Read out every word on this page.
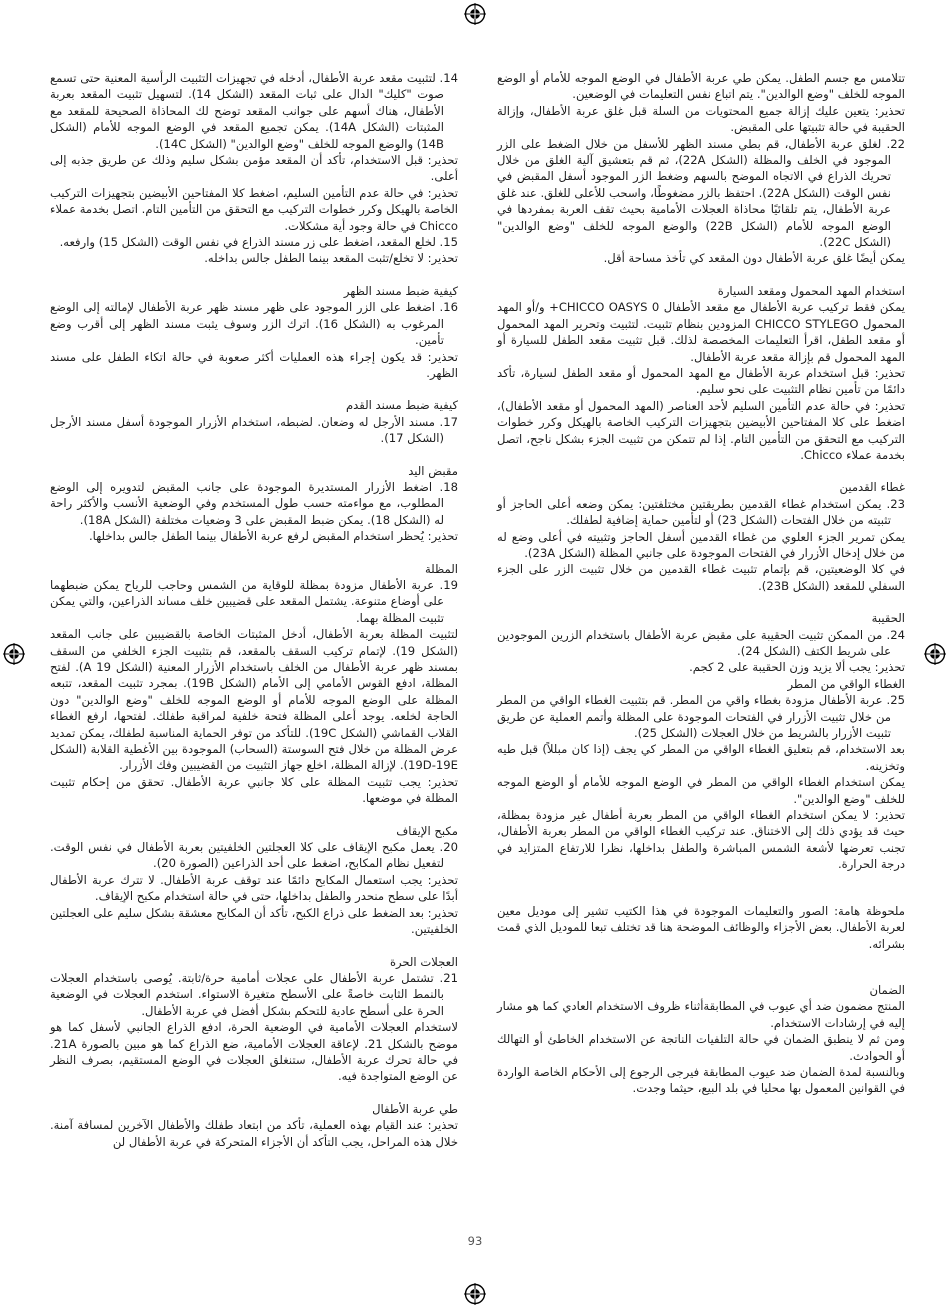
تتلامس مع جسم الطفل. يمكن طي عربة الأطفال في الوضع الموجه للأمام أو الوضع الموجه للخلف "وضع الوالدين". يتم اتباع نفس التعليمات في الوضعين.

تحذير: يتعين عليك إزالة جميع المحتويات من السلة قبل غلق عربة الأطفال، وإزالة الحقيبة في حالة تثبيتها على المقبض.

22. لغلق عربة الأطفال، قم بطي مسند الظهر للأسفل من خلال الضغط على الزر الموجود في الخلف والمظلة (الشكل 22A)، ثم قم بتعشيق آلية الغلق من خلال تحريك الذراع في الاتجاه الموضح بالسهم وضغط الزر الموجود أسفل المقبض في نفس الوقت (الشكل 22A). احتفظ بالزر مضغوطًا، واسحب للأعلى للغلق. عند غلق عربة الأطفال، يتم تلقائيًا محاذاة العجلات الأمامية بحيث تقف العربة بمفردها في الوضع الموجه للأمام (الشكل 22B) والوضع الموجه للخلف "وضع الوالدين" (الشكل 22C).

يمكن أيضًا غلق عربة الأطفال دون المقعد كي تأخذ مساحة أقل.

استخدام المهد المحمول ومقعد السيارة

يمكن فقط تركيب عربة الأطفال مع مقعد الأطفال CHICCO OASYS 0+ و/أو المهد المحمول CHICCO STYLEGO المزودين بنظام تثبيت. لتثبيت وتحرير المهد المحمول أو مقعد الطفل، اقرأ التعليمات المخصصة لذلك. قبل تثبيت مقعد الطفل للسيارة أو المهد المحمول قم بإزالة مقعد عربة الأطفال.

تحذير: قبل استخدام عربة الأطفال مع المهد المحمول أو مقعد الطفل لسيارة، تأكد دائمًا من تأمين نظام التثبيت على نحو سليم.

تحذير: في حالة عدم التأمين السليم لأحد العناصر (المهد المحمول أو مقعد الأطفال)، اضغط على كلا المفتاحين الأبيضين بتجهيزات التركيب الخاصة بالهيكل وكرر خطوات التركيب مع التحقق من التأمين التام. إذا لم تتمكن من تثبيت الجزء بشكل ناجح، اتصل بخدمة عملاء Chicco.

غطاء القدمين

23. يمكن استخدام غطاء القدمين بطريقتين مختلفتين: يمكن وضعه أعلى الحاجز أو تثبيته من خلال الفتحات (الشكل 23) أو لتأمين حماية إضافية لطفلك.

يمكن تمرير الجزء العلوي من غطاء القدمين أسفل الحاجز وتثبيته في أعلى وضع له من خلال إدخال الأزرار في الفتحات الموجودة على جانبي المظلة (الشكل 23A).

في كلا الوضعيتين، قم بإتمام تثبيت غطاء القدمين من خلال تثبيت الزر على الجزء السفلي للمقعد (الشكل 23B).

الحقيبة

24. من الممكن تثبيت الحقيبة على مقبض عربة الأطفال باستخدام الزرين الموجودين على شريط الكتف (الشكل 24).

تحذير: يجب ألا يزيد وزن الحقيبة على 2 كجم.

الغطاء الواقي من المطر

25. عربة الأطفال مزودة بغطاء واقي من المطر. قم بتثبيت الغطاء الواقي من المطر من خلال تثبيت الأزرار في الفتحات الموجودة على المظلة وأتمم العملية عن طريق تثبيت الأزرار بالشريط من خلال العجلات (الشكل 25).

بعد الاستخدام، قم بتعليق الغطاء الواقي من المطر كي يجف (إذا كان مبللاً) قبل طيه وتخزينه.

يمكن استخدام الغطاء الواقي من المطر في الوضع الموجه للأمام أو الوضع الموجه للخلف "وضع الوالدين".

تحذير: لا يمكن استخدام الغطاء الواقي من المطر بعربة أطفال غير مزودة بمظلة، حيث قد يؤدي ذلك إلى الاختناق. عند تركيب الغطاء الواقي من المطر بعربة الأطفال، تجنب تعرضها لأشعة الشمس المباشرة والطفل بداخلها، نظرا للارتفاع المتزايد في درجة الحرارة.

ملحوظة هامة: الصور والتعليمات الموجودة في هذا الكتيب تشير إلى موديل معين لعربة الأطفال. بعض الأجزاء والوظائف الموضحة هنا قد تختلف تبعا للموديل الذي قمت بشرائه.

الضمان

المنتج مضمون ضد أي عيوب في المطابقةأثناء ظروف الاستخدام العادي كما هو مشار إليه في إرشادات الاستخدام.

ومن ثم لا ينطبق الضمان في حالة التلفيات الناتجة عن الاستخدام الخاطئ أو التهالك أو الحوادث.

وبالنسبة لمدة الضمان ضد عيوب المطابقة فيرجى الرجوع إلى الأحكام الخاصة الواردة في القوانين المعمول بها محليا في بلد البيع، حيثما وجدت.

14. لتثبيت مقعد عربة الأطفال، أدخله في تجهيزات التثبيت الرأسية المعنية حتى تسمع صوت "كليك" الدال على ثبات المقعد (الشكل 14). لتسهيل تثبيت المقعد بعربة الأطفال، هناك أسهم على جوانب المقعد توضح لك المحاذاة الصحيحة للمقعد مع المثبتات (الشكل 14A). يمكن تجميع المقعد في الوضع الموجه للأمام (الشكل 14B) والوضع الموجه للخلف "وضع الوالدين" (الشكل 14C).

تحذير: قبل الاستخدام، تأكد أن المقعد مؤمن بشكل سليم وذلك عن طريق جذبه إلى أعلى.

تحذير: في حالة عدم التأمين السليم، اضغط كلا المفتاحين الأبيضين بتجهيزات التركيب الخاصة بالهيكل وكرر خطوات التركيب مع التحقق من التأمين التام. اتصل بخدمة عملاء Chicco في حالة وجود أية مشكلات.

15. لخلع المقعد، اضغط على زر مسند الذراع في نفس الوقت (الشكل 15) وارفعه.

تحذير: لا تخلع/تثبت المقعد بينما الطفل جالس بداخله.

كيفية ضبط مسند الظهر

16. اضغط على الزر الموجود على ظهر مسند ظهر عربة الأطفال لإمالته إلى الوضع المرغوب به (الشكل 16). اترك الزر وسوف يثبت مسند الظهر إلى أقرب وضع تأمين.

تحذير: قد يكون إجراء هذه العمليات أكثر صعوبة في حالة اتكاء الطفل على مسند الظهر.

كيفية ضبط مسند القدم

17. مسند الأرجل له وضعان. لضبطه، استخدام الأزرار الموجودة أسفل مسند الأرجل (الشكل 17).

مقبض اليد

18. اضغط الأزرار المستديرة الموجودة على جانب المقبض لتدويره إلى الوضع المطلوب، مع مواءمته حسب طول المستخدم وفي الوضعية الأنسب والأكثر راحة له (الشكل 18). يمكن ضبط المقبض على 3 وضعيات مختلفة (الشكل 18A).

تحذير: يُحظر استخدام المقبض لرفع عربة الأطفال بينما الطفل جالس بداخلها.

المظلة

19. عربة الأطفال مزودة بمظلة للوقاية من الشمس وحاجب للرياح يمكن ضبطهما على أوضاع متنوعة. يشتمل المقعد على قضيبين خلف مساند الذراعين، والتي يمكن تثبيت المظلة بهما.

لتثبيت المظلة بعربة الأطفال، أدخل المثبتات الخاصة بالقضيبين على جانب المقعد (الشكل 19). لإتمام تركيب السقف بالمقعد، قم بتثبيت الجزء الخلفي من السقف بمسند ظهر عربة الأطفال من الخلف باستخدام الأزرار المعنية (الشكل 19 A). لفتح المظلة، ادفع القوس الأمامي إلى الأمام (الشكل 19B). بمجرد تثبيت المقعد، تتبعه المظلة على الوضع الموجه للأمام أو الوضع الموجه للخلف "وضع الوالدين" دون الحاجة لخلعه. يوجد أعلى المظلة فتحة خلفية لمراقبة طفلك. لفتحها، ارفع الغطاء القلاب القماشي (الشكل 19C). للتأكد من توفر الحماية المناسبة لطفلك، يمكن تمديد عرض المظلة من خلال فتح السوستة (السحاب) الموجودة بين الأغطية القلابة (الشكل 19D-19E). لإزالة المظلة، اخلع جهاز التثبيت من القضيبين وفك الأزرار.

تحذير: يجب تثبيت المظلة على كلا جانبي عربة الأطفال. تحقق من إحكام تثبيت المظلة في موضعها.

مكبح الإيقاف

20. يعمل مكبح الإيقاف على كلا العجلتين الخلفيتين بعربة الأطفال في نفس الوقت. لتفعيل نظام المكابح، اضغط على أحد الذراعين (الصورة 20).

تحذير: يجب استعمال المكابح دائمًا عند توقف عربة الأطفال. لا تترك عربة الأطفال أبدًا على سطح منحدر والطفل بداخلها، حتى في حالة استخدام مكبح الإيقاف.

تحذير: بعد الضغط على ذراع الكبح، تأكد أن المكابح معشقة بشكل سليم على العجلتين الخلفيتين.

العجلات الحرة

21. تشتمل عربة الأطفال على عجلات أمامية حرة/ثابتة. يُوصى باستخدام العجلات بالنمط الثابت خاصةً على الأسطح متغيرة الاستواء. استخدم العجلات في الوضعية الحرة على أسطح عادية للتحكم بشكل أفضل في عربة الأطفال.

لاستخدام العجلات الأمامية في الوضعية الحرة، ادفع الذراع الجانبي لأسفل كما هو موضح بالشكل 21. لإعاقة العجلات الأمامية، ضع الذراع كما هو مبين بالصورة 21A. في حالة تحرك عربة الأطفال، ستنغلق العجلات في الوضع المستقيم، بصرف النظر عن الوضع المتواجدة فيه.

طي عربة الأطفال

تحذير: عند القيام بهذه العملية، تأكد من ابتعاد طفلك والأطفال الآخرين لمسافة آمنة. خلال هذه المراحل، يجب التأكد أن الأجزاء المتحركة في عربة الأطفال لن

93
